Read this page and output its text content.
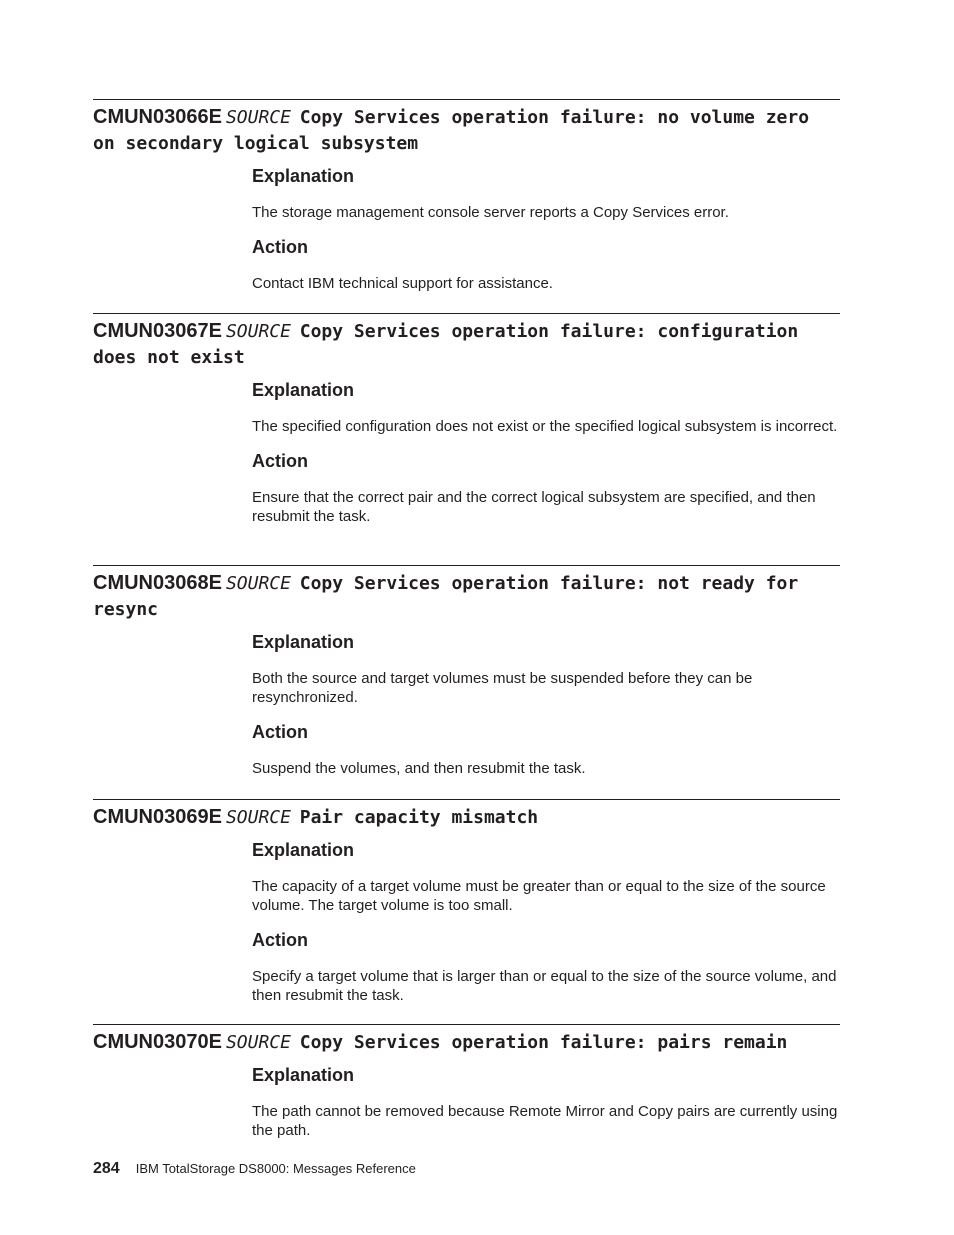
CMUN03066E SOURCE Copy Services operation failure: no volume zero on secondary logical subsystem
Explanation

The storage management console server reports a Copy Services error.

Action

Contact IBM technical support for assistance.

CMUN03067E SOURCE Copy Services operation failure: configuration does not exist
Explanation

The specified configuration does not exist or the specified logical subsystem is incorrect.

Action

Ensure that the correct pair and the correct logical subsystem are specified, and then resubmit the task.

CMUN03068E SOURCE Copy Services operation failure: not ready for resync
Explanation

Both the source and target volumes must be suspended before they can be resynchronized.

Action

Suspend the volumes, and then resubmit the task.

CMUN03069E SOURCE Pair capacity mismatch
Explanation

The capacity of a target volume must be greater than or equal to the size of the source volume. The target volume is too small.

Action

Specify a target volume that is larger than or equal to the size of the source volume, and then resubmit the task.

CMUN03070E SOURCE Copy Services operation failure: pairs remain
Explanation

The path cannot be removed because Remote Mirror and Copy pairs are currently using the path.

284 IBM TotalStorage DS8000: Messages Reference
